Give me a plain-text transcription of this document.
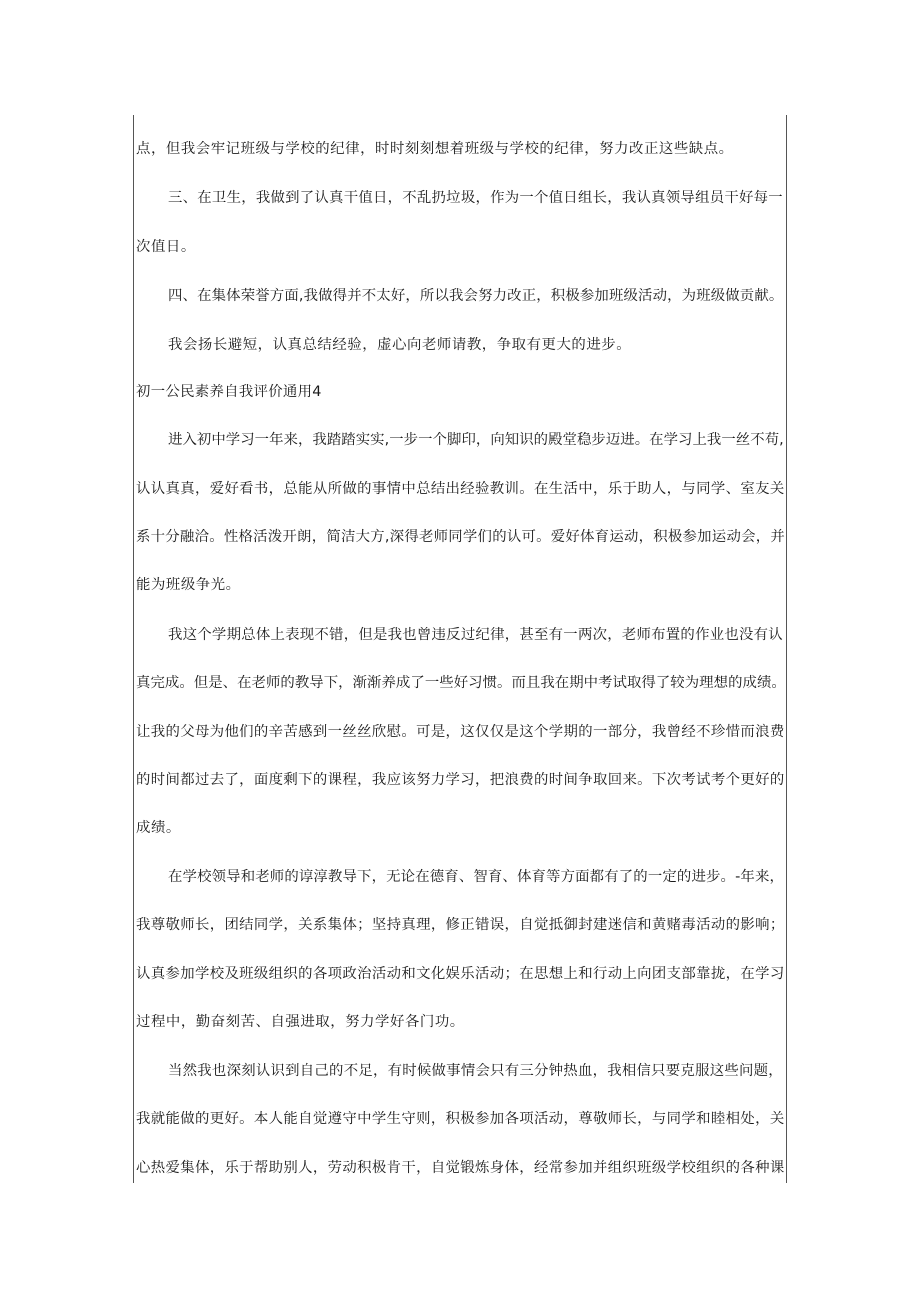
点，但我会牢记班级与学校的纪律，时时刻刻想着班级与学校的纪律，努力改正这些缺点。
三、在卫生，我做到了认真干值日，不乱扔垃圾，作为一个值日组长，我认真领导组员干好每一
次值日。
四、在集体荣誉方面,我做得并不太好，所以我会努力改正，积极参加班级活动，为班级做贡献。
我会扬长避短，认真总结经验，虚心向老师请教，争取有更大的进步。
初一公民素养自我评价通用4
进入初中学习一年来，我踏踏实实,一步一个脚印，向知识的殿堂稳步迈进。在学习上我一丝不苟,
认认真真，爱好看书，总能从所做的事情中总结出经验教训。在生活中，乐于助人，与同学、室友关
系十分融洽。性格活泼开朗，简洁大方,深得老师同学们的认可。爱好体育运动，积极参加运动会，并
能为班级争光。
我这个学期总体上表现不错，但是我也曾违反过纪律，甚至有一两次，老师布置的作业也没有认
真完成。但是、在老师的教导下，渐渐养成了一些好习惯。而且我在期中考试取得了较为理想的成绩。
让我的父母为他们的辛苦感到一丝丝欣慰。可是，这仅仅是这个学期的一部分，我曾经不珍惜而浪费
的时间都过去了，面度剩下的课程，我应该努力学习，把浪费的时间争取回来。下次考试考个更好的
成绩。
在学校领导和老师的谆淳教导下，无论在德育、智育、体育等方面都有了的一定的进步。-年来，
我尊敬师长，团结同学，关系集体；坚持真理，修正错误，自觉抵御封建迷信和黄赌毒活动的影响；
认真参加学校及班级组织的各项政治活动和文化娱乐活动；在思想上和行动上向团支部靠拢，在学习
过程中，勤奋刻苦、自强进取，努力学好各门功。
当然我也深刻认识到自己的不足，有时候做事情会只有三分钟热血，我相信只要克服这些问题，
我就能做的更好。本人能自觉遵守中学生守则，积极参加各项活动，尊敬师长，与同学和睦相处，关
心热爱集体，乐于帮助别人，劳动积极肯干，自觉锻炼身体，经常参加并组织班级学校组织的各种课
